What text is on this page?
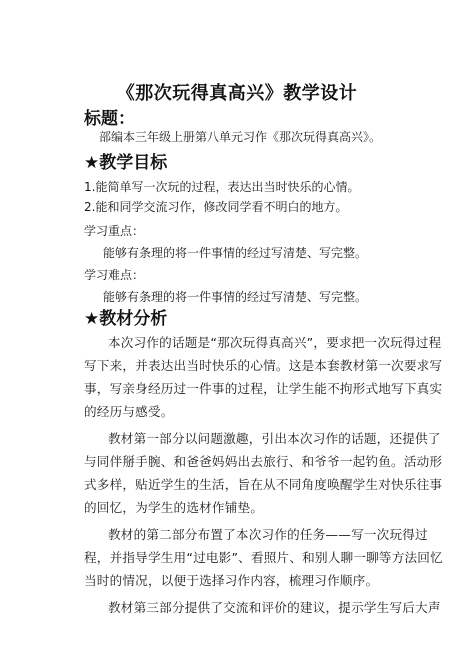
《那次玩得真高兴》教学设计
标题：
部编本三年级上册第八单元习作《那次玩得真高兴》。
★教学目标
1.能简单写一次玩的过程，表达出当时快乐的心情。
2.能和同学交流习作，修改同学看不明白的地方。
学习重点：
能够有条理的将一件事情的经过写清楚、写完整。
学习难点：
能够有条理的将一件事情的经过写清楚、写完整。
★教材分析
本次习作的话题是“那次玩得真高兴”，要求把一次玩得过程
写下来，并表达出当时快乐的心情。这是本套教材第一次要求写
事，写亲身经历过一件事的过程，让学生能不拘形式地写下真实
的经历与感受。
教材第一部分以问题激趣，引出本次习作的话题，还提供了
与同伴掰手腕、和爸爸妈妈出去旅行、和爷爷一起钓鱼。活动形
式多样，贴近学生的生活，旨在从不同角度唤醒学生对快乐往事
的回忆，为学生的选材作铺垫。
教材的第二部分布置了本次习作的任务——写一次玩得过
程，并指导学生用“过电影”、看照片、和别人聊一聊等方法回忆
当时的情况，以便于选择习作内容，梳理习作顺序。
教材第三部分提供了交流和评价的建议，提示学生写后大声
